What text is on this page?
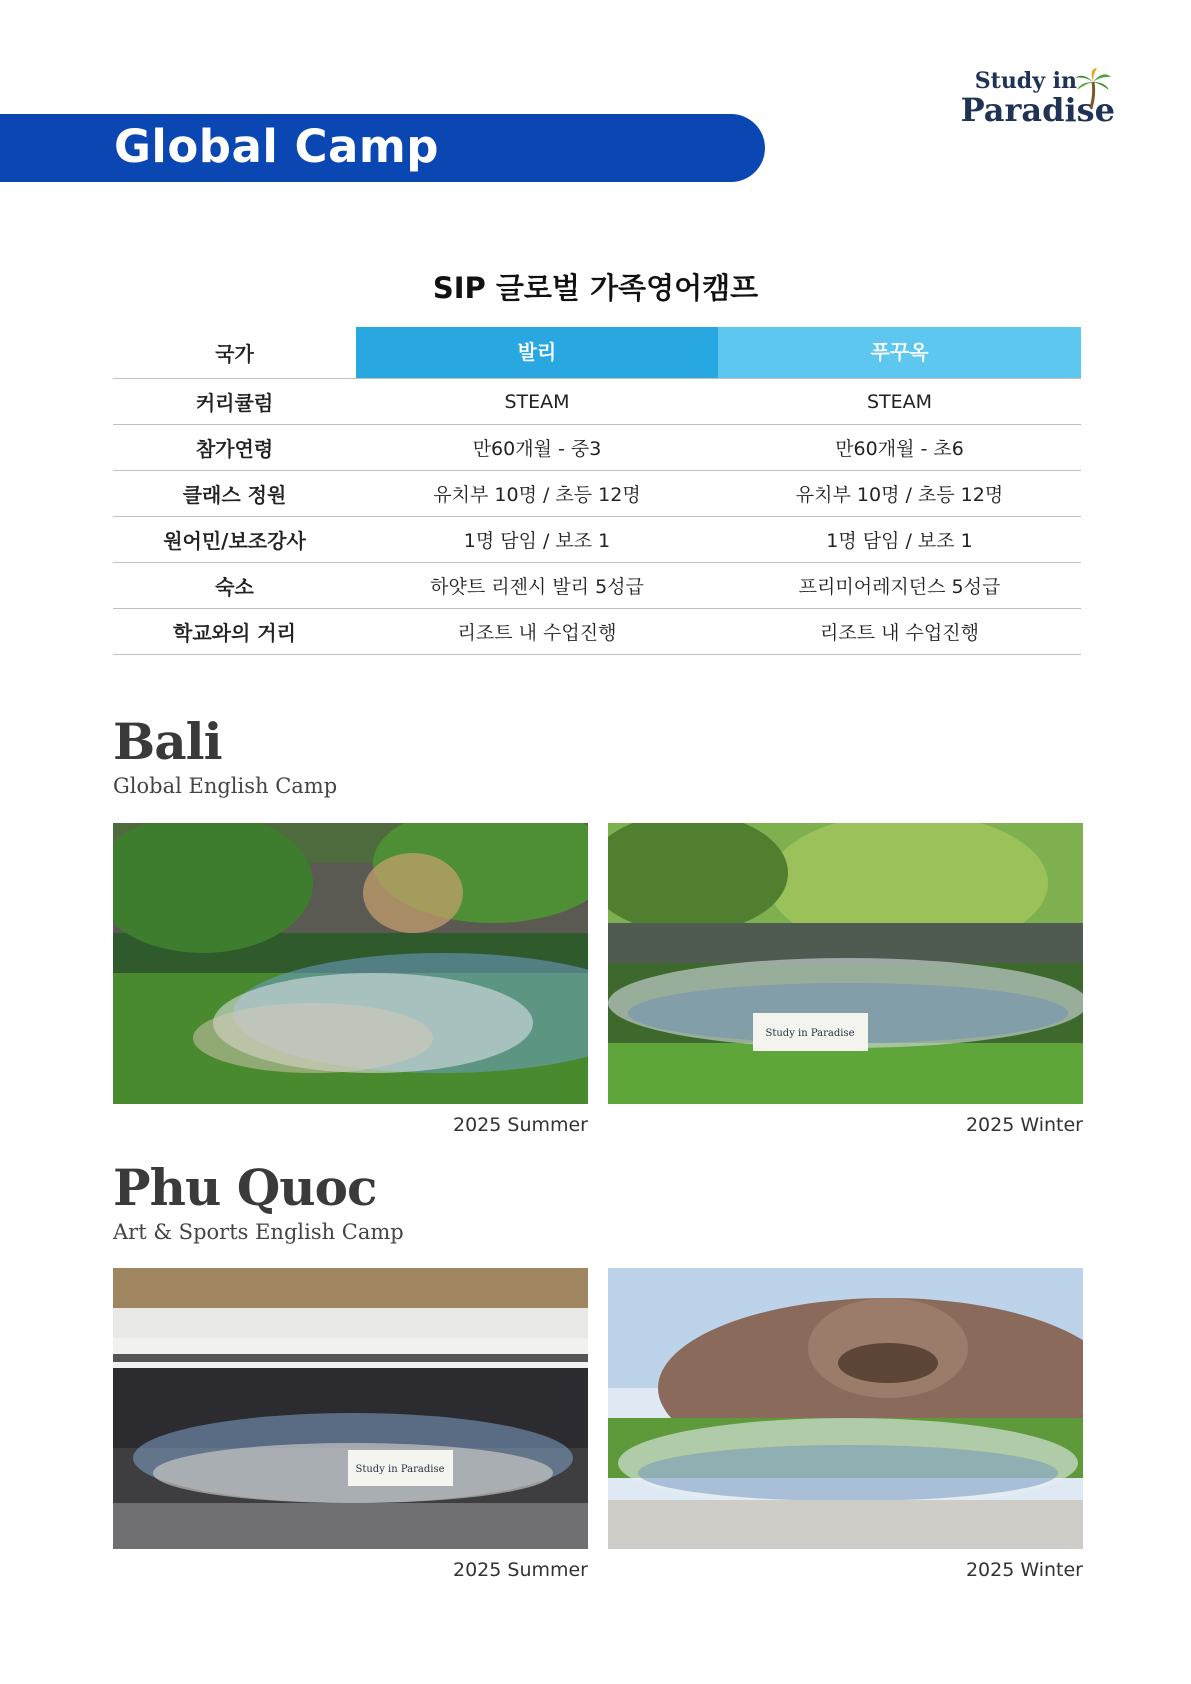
Study in
Paradise
Global Camp
SIP 글로벌 가족영어캠프
국가	발리	푸꾸옥
커리큘럼	STEAM	STEAM
참가연령	만60개월 - 중3	만60개월 - 초6
클래스 정원	유치부 10명 / 초등 12명	유치부 10명 / 초등 12명
원어민/보조강사	1명 담임 / 보조 1	1명 담임 / 보조 1
숙소	하얏트 리젠시 발리 5성급	프리미어레지던스 5성급
학교와의 거리	리조트 내 수업진행	리조트 내 수업진행
Bali
Global English Camp
2025 Summer
Study in Paradise
2025 Winter
Phu Quoc
Art & Sports English Camp
Study in Paradise
2025 Summer	2025 Winter
